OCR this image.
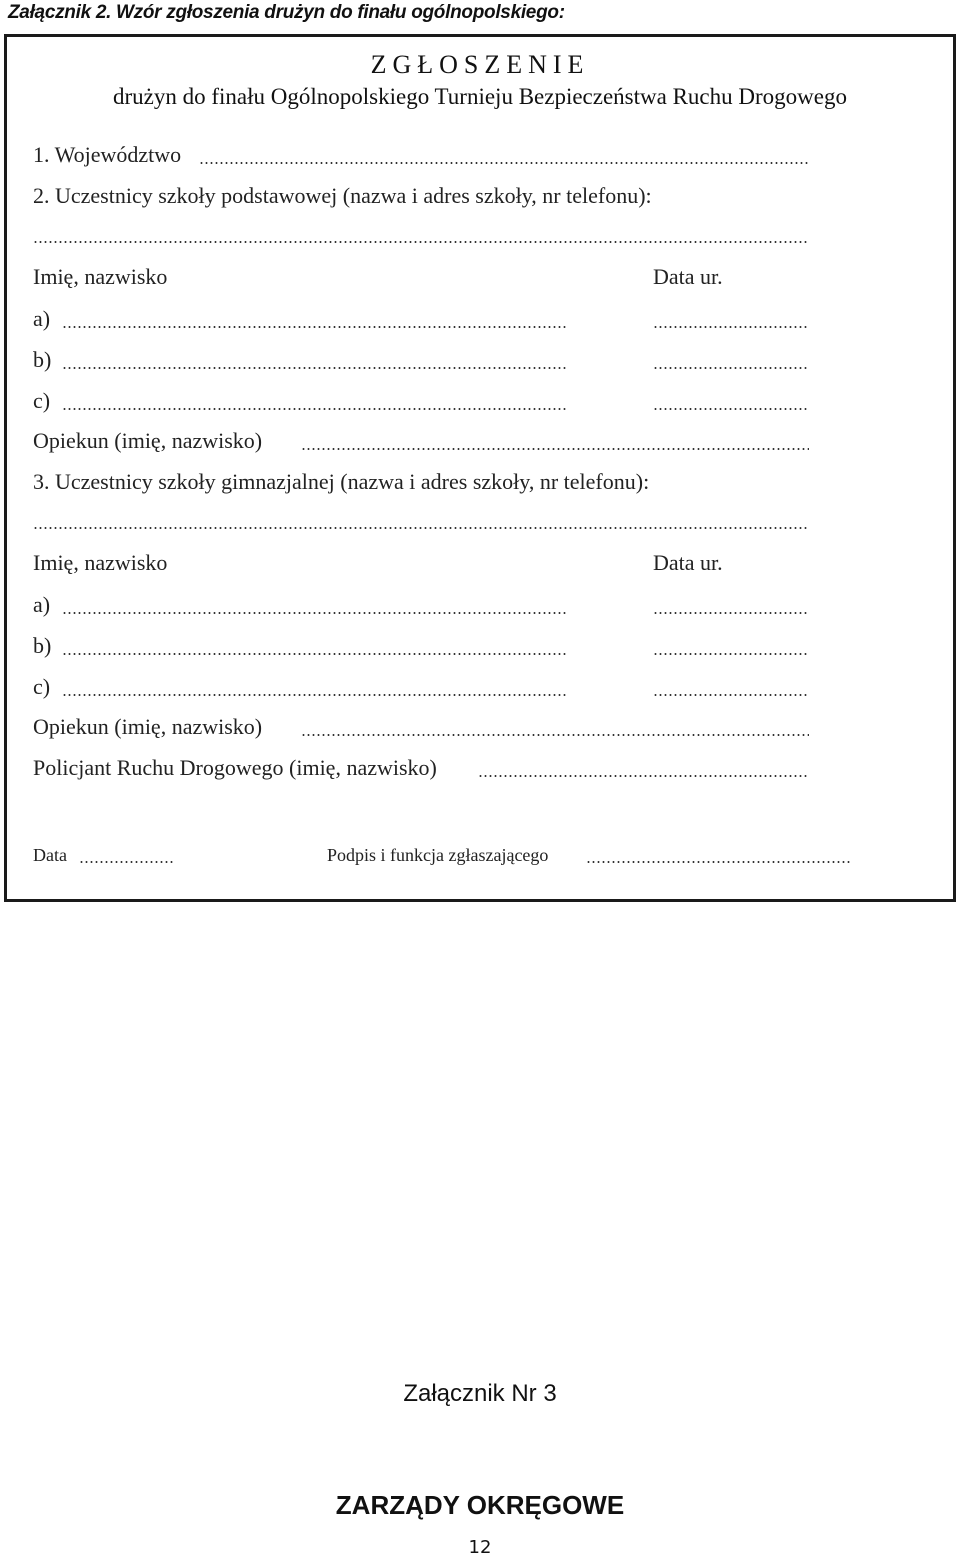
Załącznik 2. Wzór zgłoszenia drużyn do finału ogólnopolskiego:
ZGŁOSZENIE
drużyn do finału Ogólnopolskiego Turnieju Bezpieczeństwa Ruchu Drogowego
1. Województwo
2. Uczestnicy szkoły podstawowej (nazwa i adres szkoły, nr telefonu):
Imię, nazwisko	Data ur.
a)
b)
c)
Opiekun (imię, nazwisko)
3. Uczestnicy szkoły gimnazjalnej (nazwa i adres szkoły, nr telefonu):
Imię, nazwisko	Data ur.
a)
b)
c)
Opiekun (imię, nazwisko)
Policjant Ruchu Drogowego (imię, nazwisko)
Data	Podpis i funkcja zgłaszającego
Załącznik Nr 3
ZARZĄDY OKRĘGOWE
12
